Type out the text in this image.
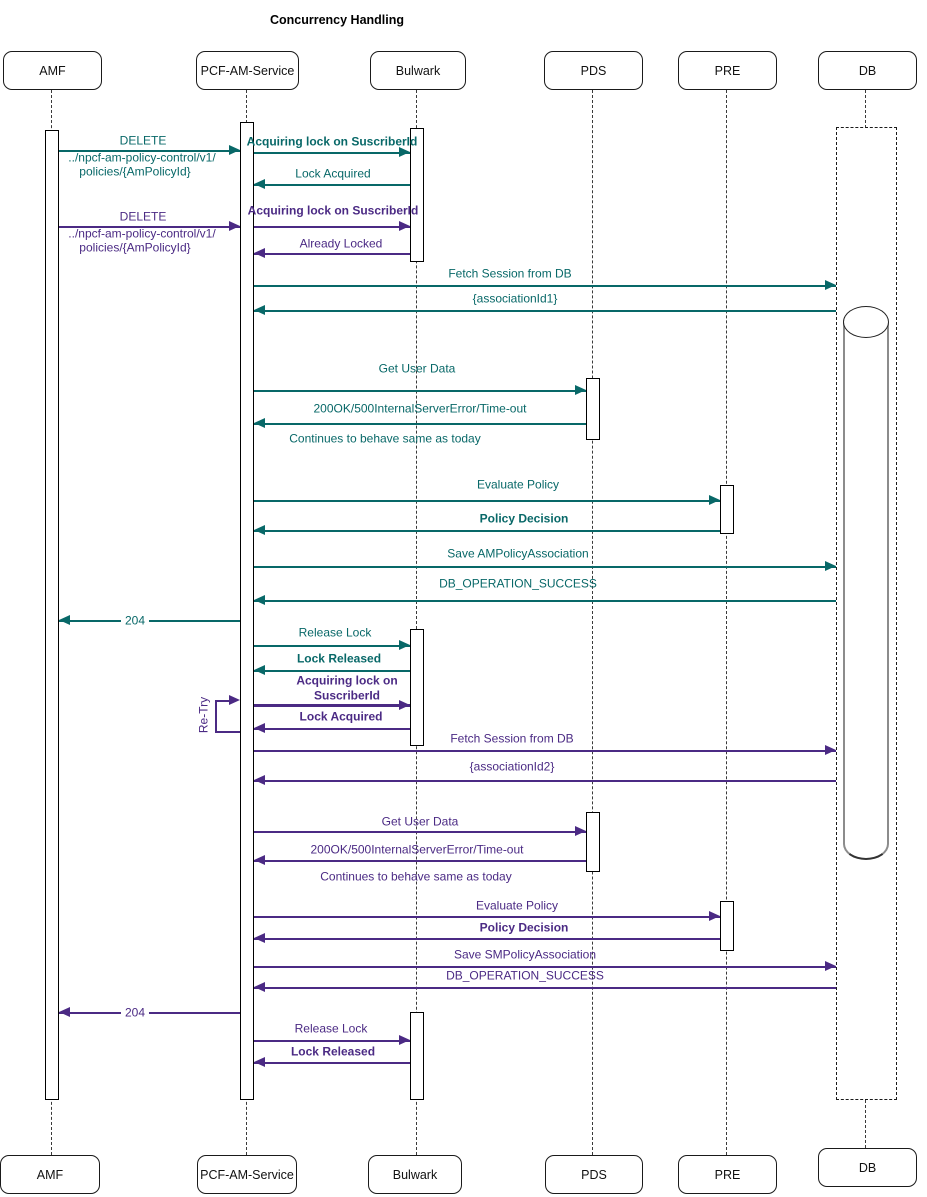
Concurrency Handling
AMF	PCF-AM-Service	Bulwark	PDS	PRE	DB
DELETE
../npcf-am-policy-control/v1/
policies/{AmPolicyId}
Acquiring lock on SuscriberId
Lock Acquired
Acquiring lock on SuscriberId
DELETE
../npcf-am-policy-control/v1/
policies/{AmPolicyId}	Already Locked
Fetch Session from DB
{associationId1}
Get User Data
200OK/500InternalServerError/Time-out
Continues to behave same as today
Evaluate Policy
Policy Decision
Save AMPolicyAssociation
DB_OPERATION_SUCCESS
204
Release Lock
Lock Released
Acquiring lock on
SuscriberId
Lock Acquired
Re-Try
Fetch Session from DB
{associationId2}
Get User Data
200OK/500InternalServerError/Time-out
Continues to behave same as today
Evaluate Policy
Policy Decision
Save SMPolicyAssociation
DB_OPERATION_SUCCESS
204
Release Lock
Lock Released
AMF	PCF-AM-Service	Bulwark	PDS	PRE	DB
